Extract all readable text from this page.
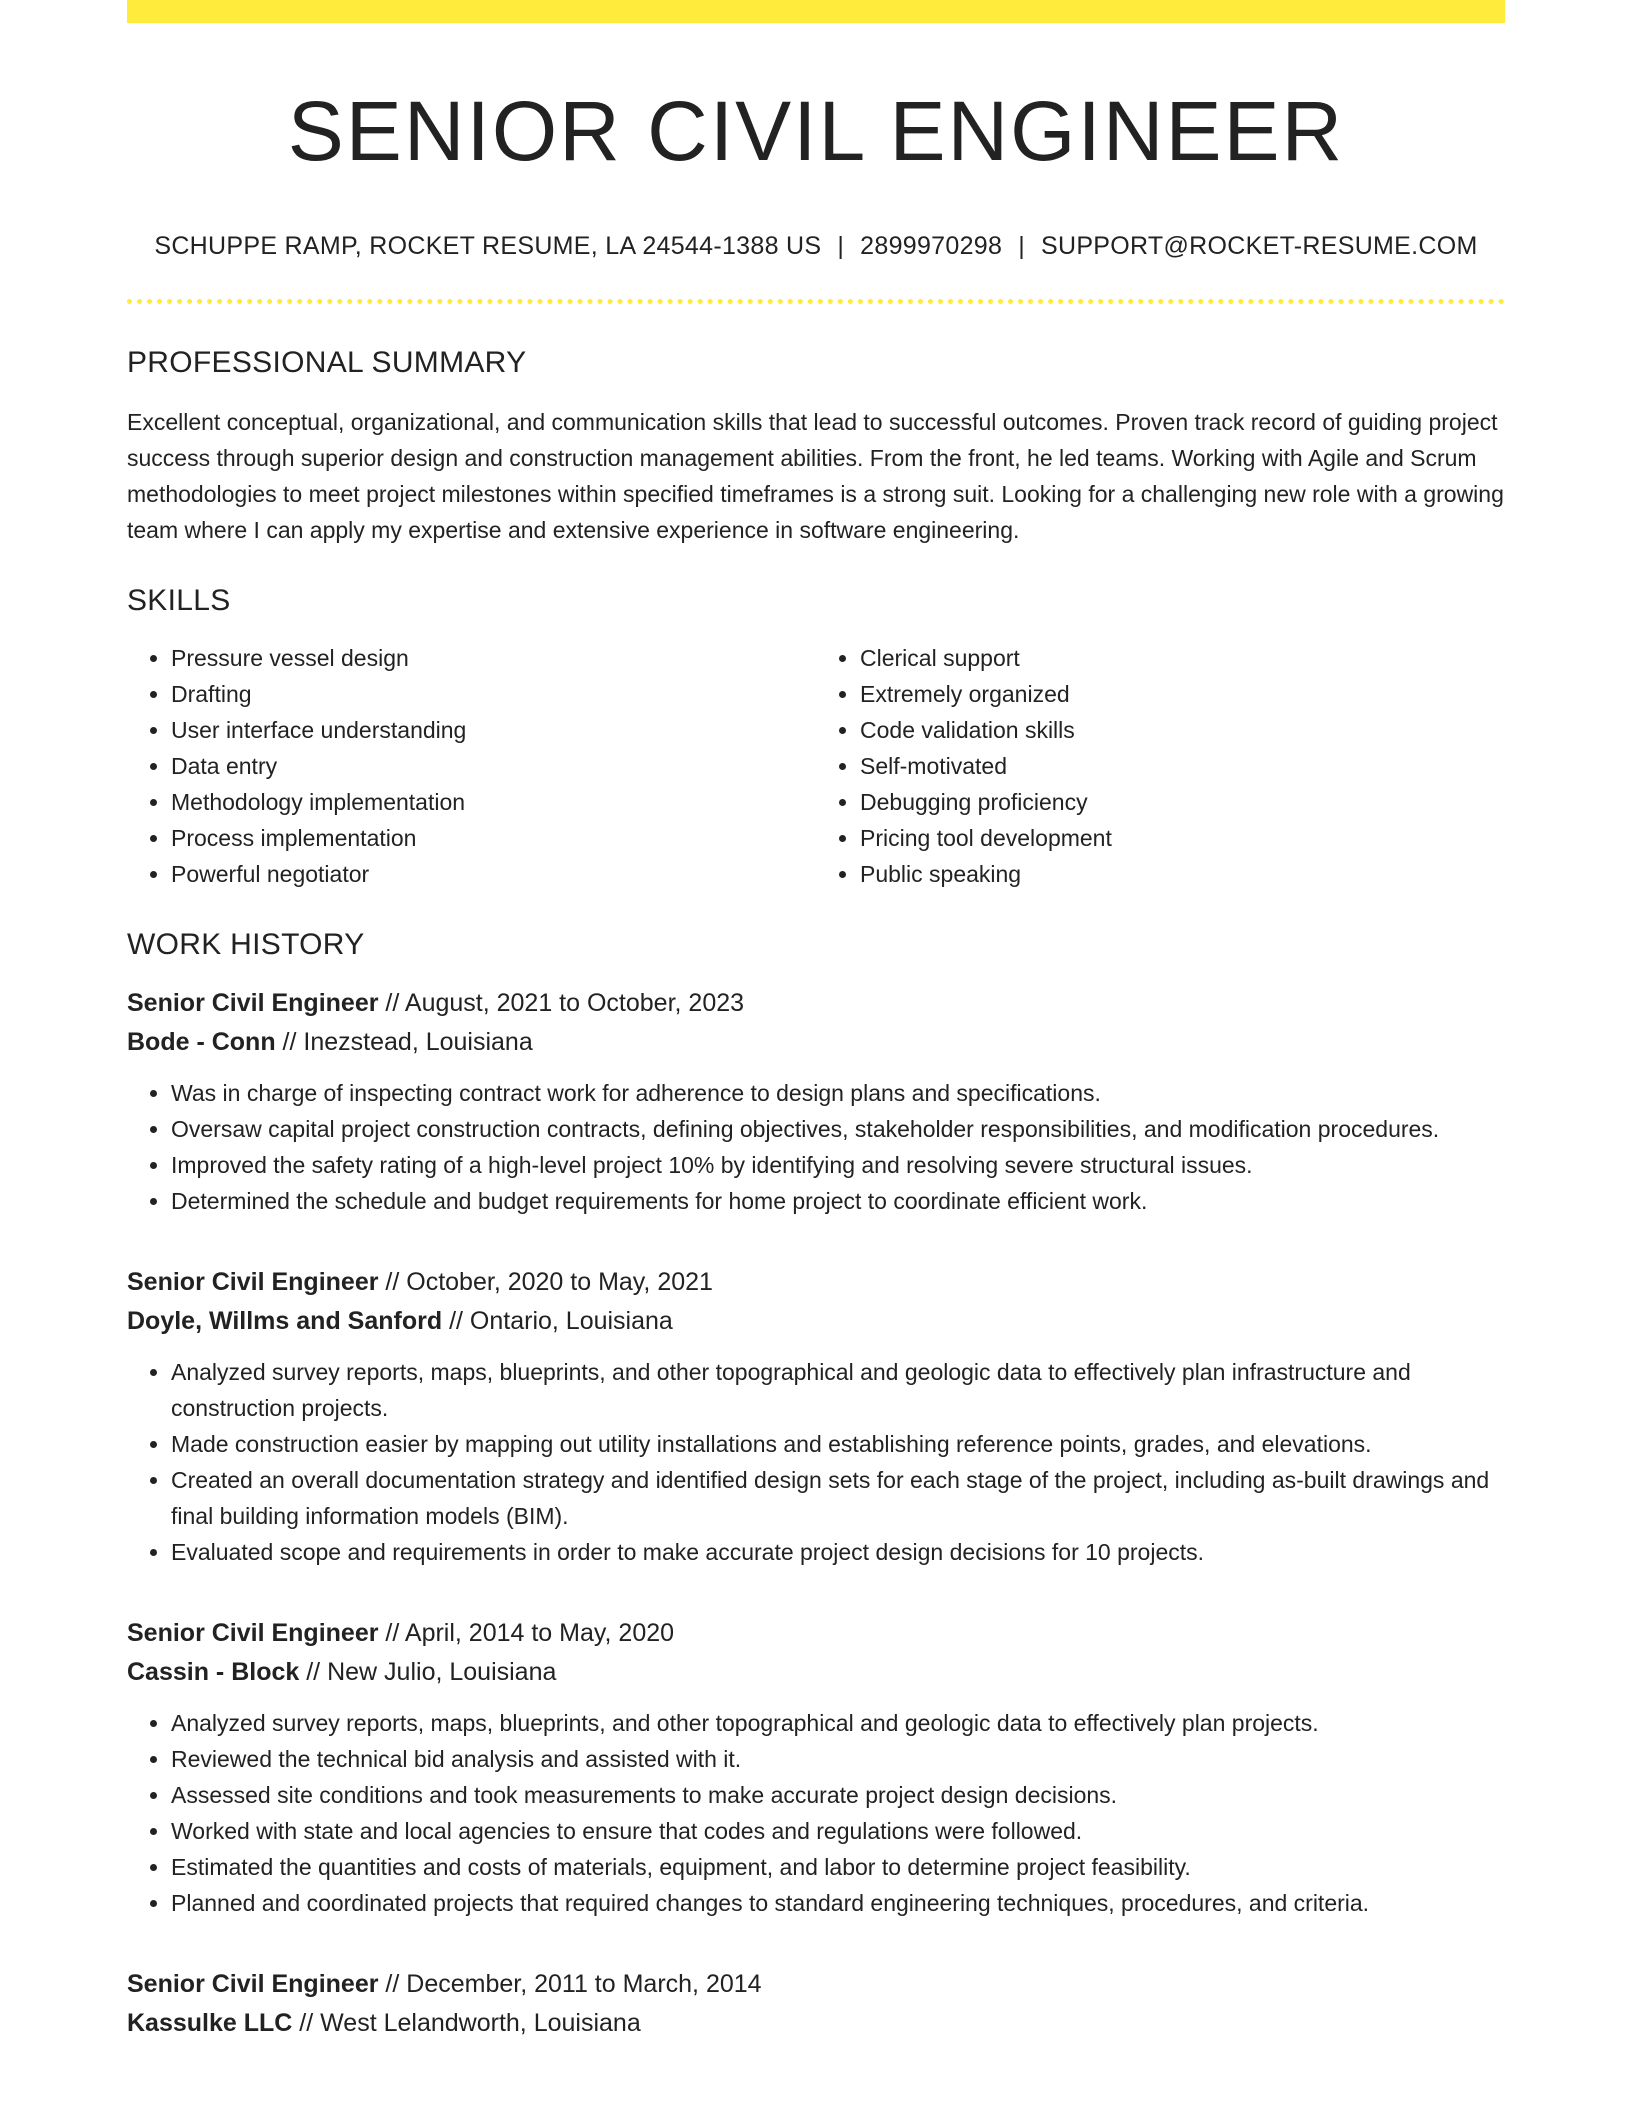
SENIOR CIVIL ENGINEER
SCHUPPE RAMP, ROCKET RESUME, LA 24544-1388 US | 2899970298 | SUPPORT@ROCKET-RESUME.COM
PROFESSIONAL SUMMARY

Excellent conceptual, organizational, and communication skills that lead to successful outcomes. Proven track record of guiding project success through superior design and construction management abilities. From the front, he led teams. Working with Agile and Scrum methodologies to meet project milestones within specified timeframes is a strong suit. Looking for a challenging new role with a growing team where I can apply my expertise and extensive experience in software engineering.

SKILLS
• Pressure vessel design
• Drafting
• User interface understanding
• Data entry
• Methodology implementation
• Process implementation
• Powerful negotiator
• Clerical support
• Extremely organized
• Code validation skills
• Self-motivated
• Debugging proficiency
• Pricing tool development
• Public speaking
WORK HISTORY
Senior Civil Engineer // August, 2021 to October, 2023
Bode - Conn // Inezstead, Louisiana
• Was in charge of inspecting contract work for adherence to design plans and specifications.
• Oversaw capital project construction contracts, defining objectives, stakeholder responsibilities, and modification procedures.
• Improved the safety rating of a high-level project 10% by identifying and resolving severe structural issues.
• Determined the schedule and budget requirements for home project to coordinate efficient work.
Senior Civil Engineer // October, 2020 to May, 2021
Doyle, Willms and Sanford // Ontario, Louisiana
• Analyzed survey reports, maps, blueprints, and other topographical and geologic data to effectively plan infrastructure and construction projects.
• Made construction easier by mapping out utility installations and establishing reference points, grades, and elevations.
• Created an overall documentation strategy and identified design sets for each stage of the project, including as-built drawings and final building information models (BIM).
• Evaluated scope and requirements in order to make accurate project design decisions for 10 projects.
Senior Civil Engineer // April, 2014 to May, 2020
Cassin - Block // New Julio, Louisiana
• Analyzed survey reports, maps, blueprints, and other topographical and geologic data to effectively plan projects.
• Reviewed the technical bid analysis and assisted with it.
• Assessed site conditions and took measurements to make accurate project design decisions.
• Worked with state and local agencies to ensure that codes and regulations were followed.
• Estimated the quantities and costs of materials, equipment, and labor to determine project feasibility.
• Planned and coordinated projects that required changes to standard engineering techniques, procedures, and criteria.
Senior Civil Engineer // December, 2011 to March, 2014
Kassulke LLC // West Lelandworth, Louisiana
